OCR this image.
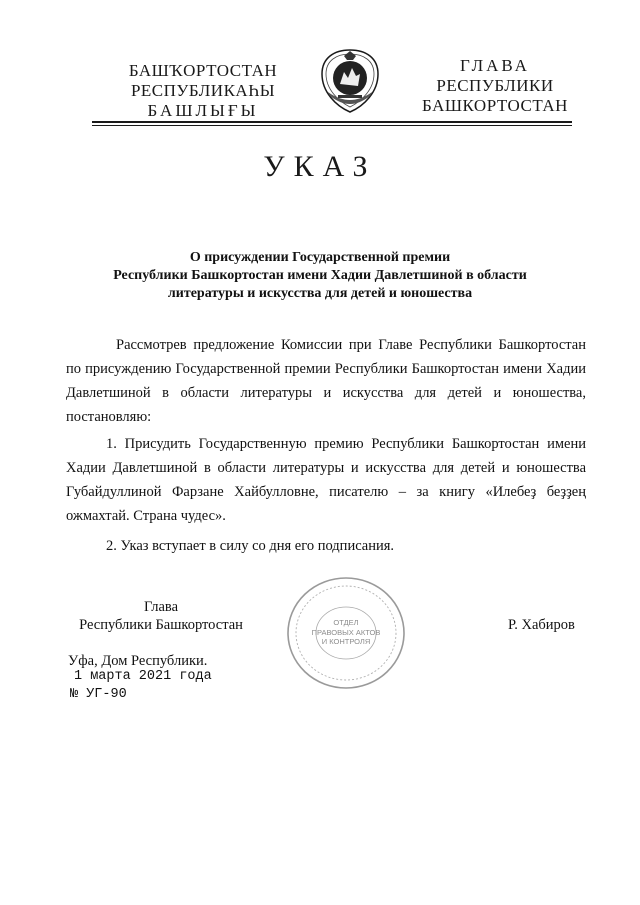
БАШҠОРТОСТАН
РЕСПУБЛИКАҺЫ
БАШЛЫҒЫ
ГЛАВА
РЕСПУБЛИКИ
БАШКОРТОСТАН
УКАЗ
О присуждении Государственной премии
Республики Башкортостан имени Хадии Давлетшиной в области
литературы и искусства для детей и юношества
Рассмотрев предложение Комиссии при Главе Республики Башкортостан по присуждению Государственной премии Республики Башкортостан имени Хадии Давлетшиной в области литературы и искусства для детей и юношества, постановляю:
1. Присудить Государственную премию Республики Башкортостан имени Хадии Давлетшиной в области литературы и искусства для детей и юношества Губайдуллиной Фарзане Хайбулловне, писателю – за книгу «Илебеҙ беҙҙең ожмахтай. Страна чудес».
2. Указ вступает в силу со дня его подписания.
Глава
Республики Башкортостан	ОТДЕЛ
ПРАВОВЫХ АКТОВ
И КОНТРОЛЯ
Р. Хабиров
Уфа, Дом Республики.
1 марта 2021 года
№ УГ-90
